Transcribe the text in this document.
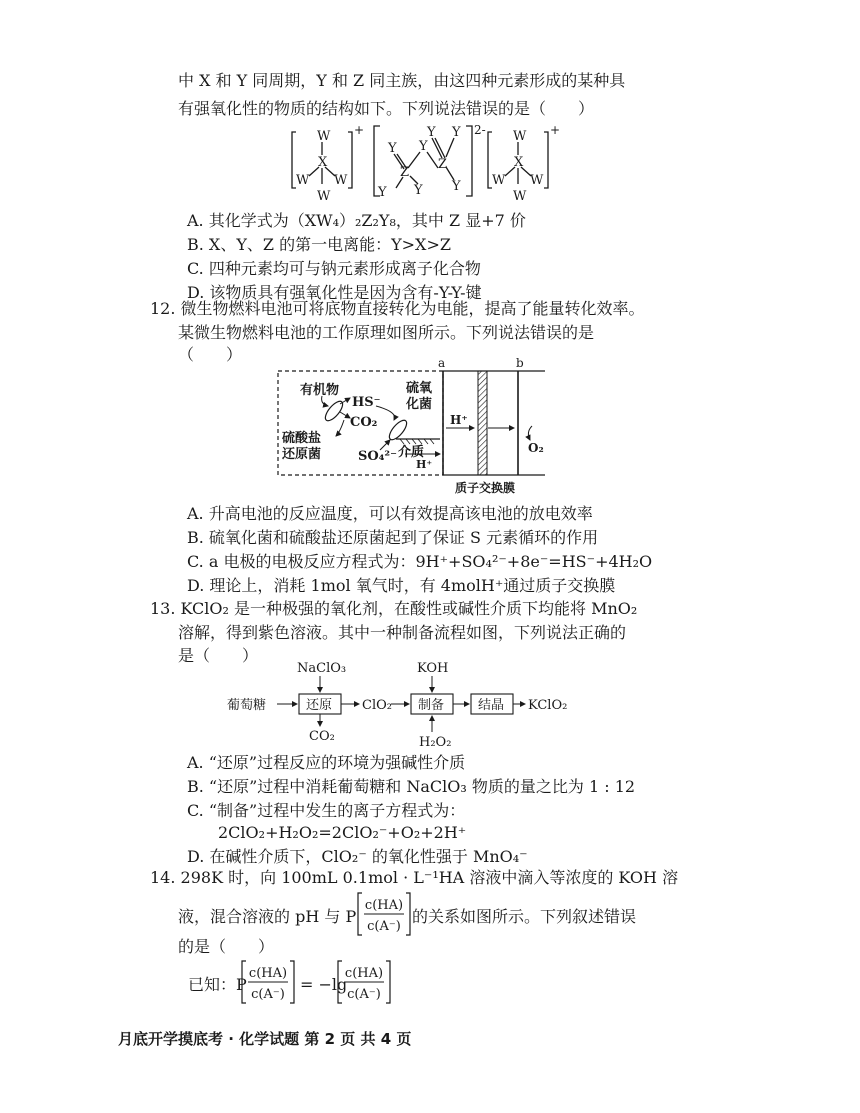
中 X 和 Y 同周期，Y 和 Z 同主族，由这四种元素形成的某种具
有强氧化性的物质的结构如下。下列说法错误的是（　　）
W
X
W W
W
+
Y
Z
Y Y
Y
Z
Y Y
Y
2- W
X
W W
W
+
A. 其化学式为（XW₄）₂Z₂Y₈，其中 Z 显+7 价
B. X、Y、Z 的第一电离能：Y>X>Z
C. 四种元素均可与钠元素形成离子化合物
D. 该物质具有强氧化性是因为含有-Y-Y-键
12. 微生物燃料电池可将底物直接转化为电能，提高了能量转化效率。
某微生物燃料电池的工作原理如图所示。下列说法错误的是
（　　）	a	b
有机物
HS⁻
CO₂
硫氧
化菌
硫酸盐
还原菌	SO₄²⁻ 介质
H⁺
H⁺
O₂
质子交换膜
A. 升高电池的反应温度，可以有效提高该电池的放电效率
B. 硫氧化菌和硫酸盐还原菌起到了保证 S 元素循环的作用
C. a 电极的电极反应方程式为：9H⁺+SO₄²⁻+8e⁻=HS⁻+4H₂O
D. 理论上，消耗 1mol 氧气时，有 4molH⁺通过质子交换膜
13. KClO₂ 是一种极强的氧化剂，在酸性或碱性介质下均能将 MnO₂
溶解，得到紫色溶液。其中一种制备流程如图，下列说法正确的
是（　　）
葡萄糖
NaClO₃
还原 ClO₂
KOH
制备	结晶 KClO₂
CO₂	H₂O₂
A. “还原”过程反应的环境为强碱性介质
B. “还原”过程中消耗葡萄糖和 NaClO₃ 物质的量之比为 1 : 12
C. “制备”过程中发生的离子方程式为：
2ClO₂+H₂O₂=2ClO₂⁻+O₂+2H⁺
D. 在碱性介质下，ClO₂⁻ 的氧化性强于 MnO₄⁻
14. 298K 时，向 100mL 0.1mol · L⁻¹HA 溶液中滴入等浓度的 KOH 溶
液，混合溶液的 pH 与 P
c(HA)
c(A⁻)
的关系如图所示。下列叙述错误
的是（　　）
已知：P
c(HA)
c(A⁻)
= −lg
c(HA)
c(A⁻)
月底开学摸底考 · 化学试题 第 2 页 共 4 页
